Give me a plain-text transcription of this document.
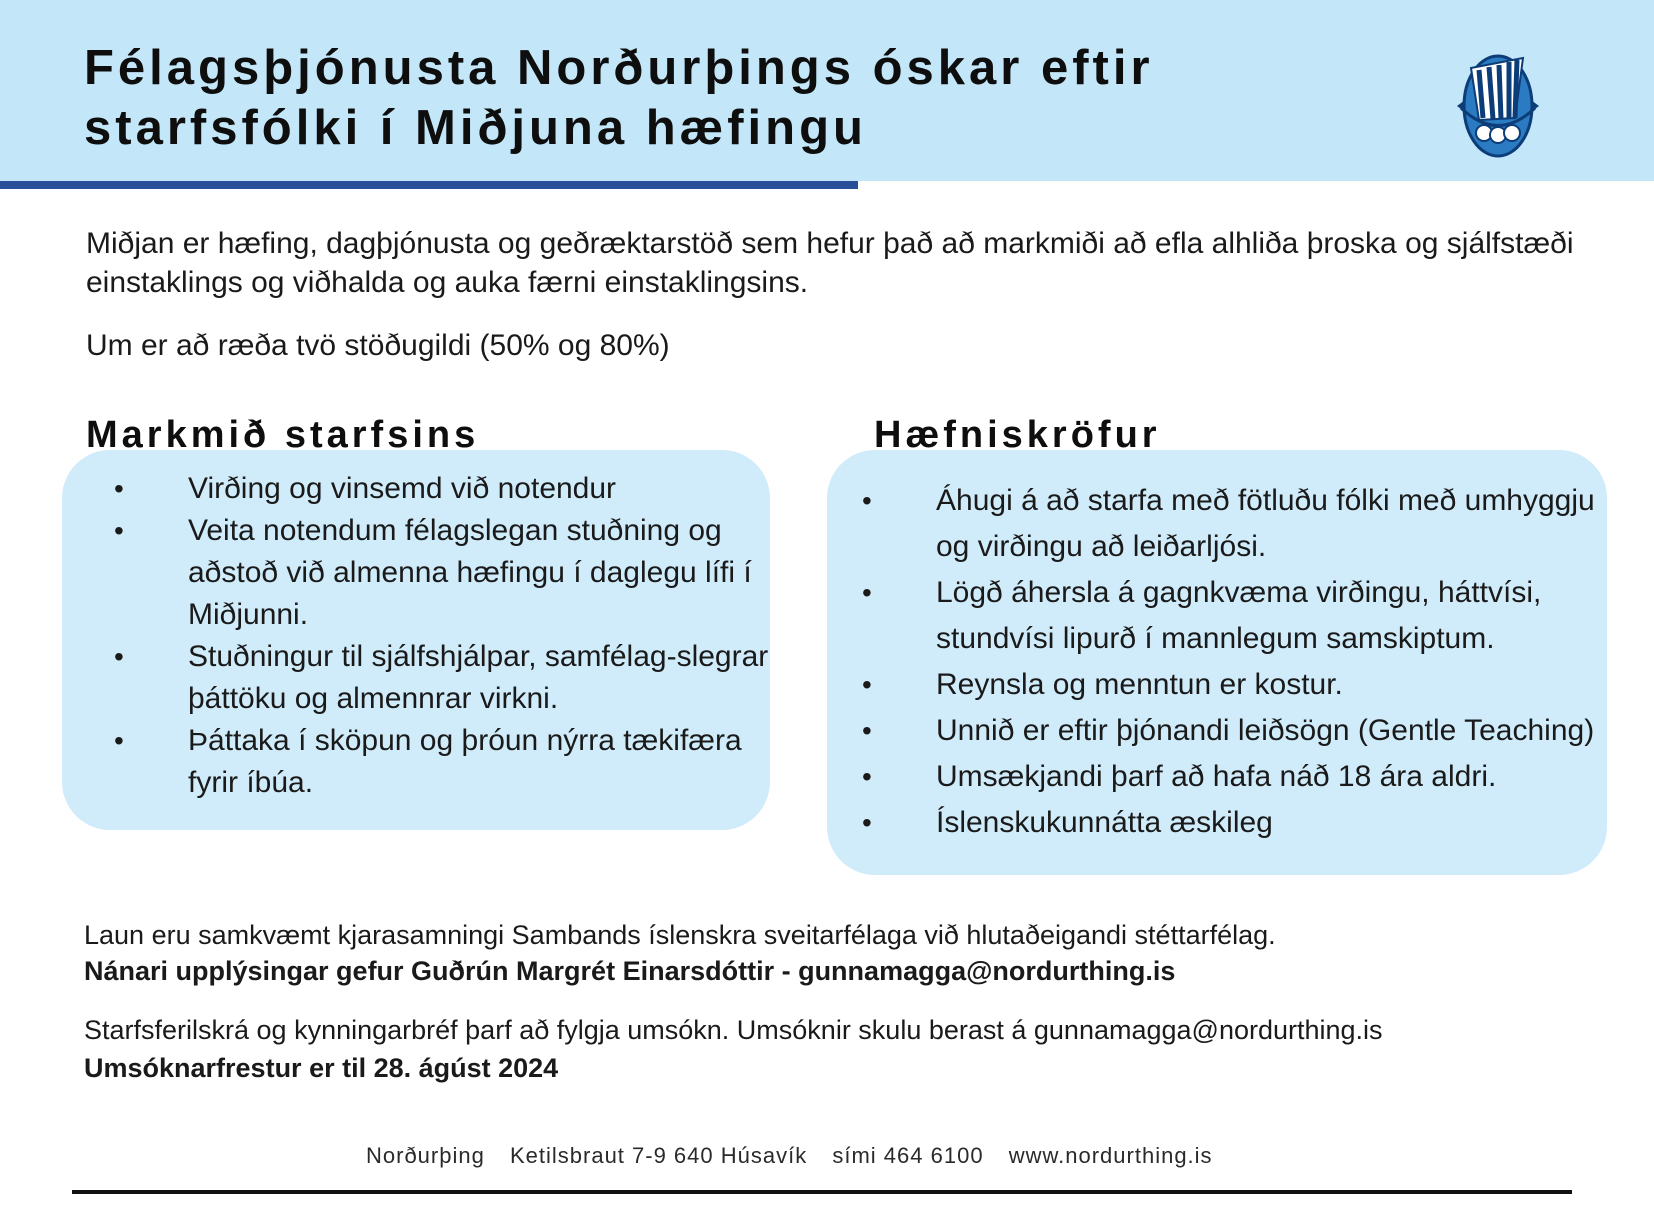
Félagsþjónusta Norðurþings óskar eftir
starfsfólki í Miðjuna hæfingu

Miðjan er hæfing, dagþjónusta og geðræktarstöð sem hefur það að markmiði að efla alhliða þroska og sjálfstæði einstaklings og viðhalda og auka færni einstaklingsins.

Um er að ræða tvö stöðugildi (50% og 80%)

Markmið starfsins	Hæfniskröfur
• Virðing og vinsemd við notendur
• Veita notendum félagslegan stuðning og aðstoð við almenna hæfingu í daglegu lífi í Miðjunni.
• Stuðningur til sjálfshjálpar, samfélag-slegrar þáttöku og almennrar virkni.
• Þáttaka í sköpun og þróun nýrra tækifæra fyrir íbúa.
• Áhugi á að starfa með fötluðu fólki með umhyggju og virðingu að leiðarljósi.
• Lögð áhersla á gagnkvæma virðingu, háttvísi, stundvísi lipurð í mannlegum samskiptum.
• Reynsla og menntun er kostur.
• Unnið er eftir þjónandi leiðsögn (Gentle Teaching)
• Umsækjandi þarf að hafa náð 18 ára aldri.
• Íslenskukunnátta æskileg

Laun eru samkvæmt kjarasamningi Sambands íslenskra sveitarfélaga við hlutaðeigandi stéttarfélag.

Nánari upplýsingar gefur Guðrún Margrét Einarsdóttir - gunnamagga@nordurthing.is

Starfsferilskrá og kynningarbréf þarf að fylgja umsókn. Umsóknir skulu berast á gunnamagga@nordurthing.is

Umsóknarfrestur er til 28. ágúst 2024

Norðurþing Ketilsbraut 7-9 640 Húsavík sími 464 6100 www.nordurthing.is
